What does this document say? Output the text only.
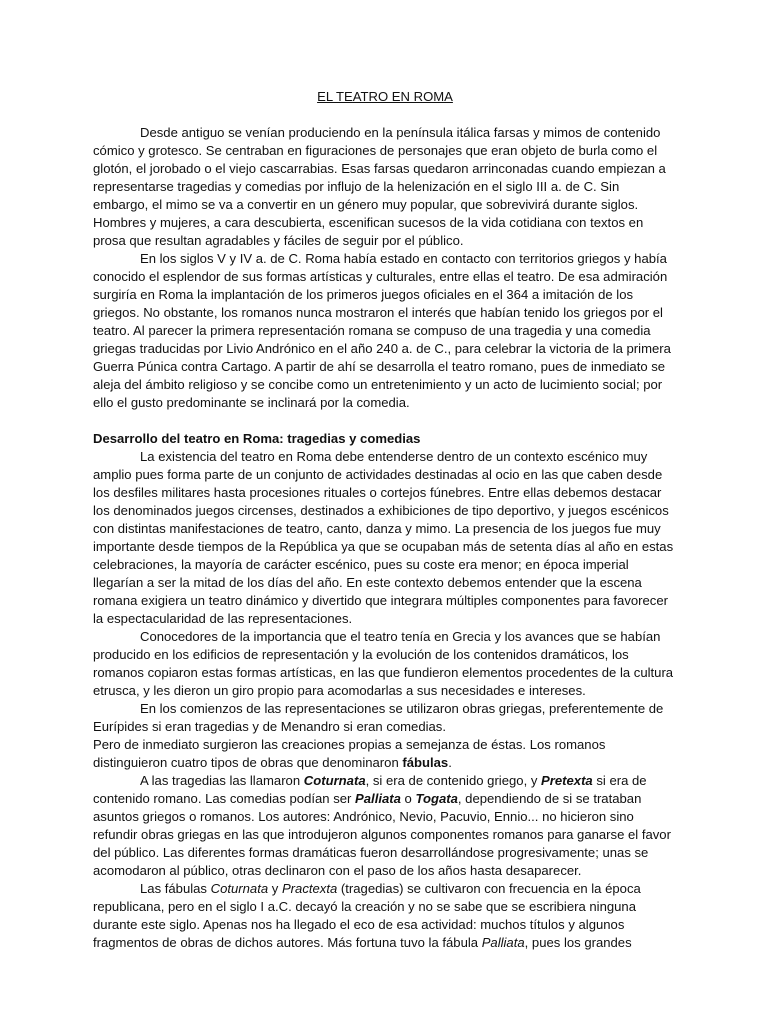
EL TEATRO EN ROMA

Desde antiguo se venían produciendo en la península itálica farsas y mimos de contenido cómico y grotesco. Se centraban en figuraciones de personajes que eran objeto de burla como el glotón, el jorobado o el viejo cascarrabias. Esas farsas quedaron arrinconadas cuando empiezan a representarse tragedias y comedias por influjo de la helenización en el siglo III a. de C. Sin embargo, el mimo se va a convertir en un género muy popular, que sobrevivirá durante siglos. Hombres y mujeres, a cara descubierta, escenifican sucesos de la vida cotidiana con textos en prosa que resultan agradables y fáciles de seguir por el público.

En los siglos V y IV a. de C. Roma había estado en contacto con territorios griegos y había conocido el esplendor de sus formas artísticas y culturales, entre ellas el teatro. De esa admiración surgiría en Roma la implantación de los primeros juegos oficiales en el 364 a imitación de los griegos. No obstante, los romanos nunca mostraron el interés que habían tenido los griegos por el teatro. Al parecer la primera representación romana se compuso de una tragedia y una comedia griegas traducidas por Livio Andrónico en el año 240 a. de C., para celebrar la victoria de la primera Guerra Púnica contra Cartago. A partir de ahí se desarrolla el teatro romano, pues de inmediato se aleja del ámbito religioso y se concibe como un entretenimiento y un acto de lucimiento social; por ello el gusto predominante se inclinará por la comedia.

Desarrollo del teatro en Roma: tragedias y comedias

La existencia del teatro en Roma debe entenderse dentro de un contexto escénico muy amplio pues forma parte de un conjunto de actividades destinadas al ocio en las que caben desde los desfiles militares hasta procesiones rituales o cortejos fúnebres. Entre ellas debemos destacar los denominados juegos circenses, destinados a exhibiciones de tipo deportivo, y juegos escénicos con distintas manifestaciones de teatro, canto, danza y mimo. La presencia de los juegos fue muy importante desde tiempos de la República ya que se ocupaban más de setenta días al año en estas celebraciones, la mayoría de carácter escénico, pues su coste era menor; en época imperial llegarían a ser la mitad de los días del año. En este contexto debemos entender que la escena romana exigiera un teatro dinámico y divertido que integrara múltiples componentes para favorecer la espectacularidad de las representaciones.

Conocedores de la importancia que el teatro tenía en Grecia y los avances que se habían producido en los edificios de representación y la evolución de los contenidos dramáticos, los romanos copiaron estas formas artísticas, en las que fundieron elementos procedentes de la cultura etrusca, y les dieron un giro propio para acomodarlas a sus necesidades e intereses.

En los comienzos de las representaciones se utilizaron obras griegas, preferentemente de Eurípides si eran tragedias y de Menandro si eran comedias.

Pero de inmediato surgieron las creaciones propias a semejanza de éstas. Los romanos distinguieron cuatro tipos de obras que denominaron fábulas.

A las tragedias las llamaron Coturnata, si era de contenido griego, y Pretexta si era de contenido romano. Las comedias podían ser Palliata o Togata, dependiendo de si se trataban asuntos griegos o romanos. Los autores: Andrónico, Nevio, Pacuvio, Ennio... no hicieron sino refundir obras griegas en las que introdujeron algunos componentes romanos para ganarse el favor del público. Las diferentes formas dramáticas fueron desarrollándose progresivamente; unas se acomodaron al público, otras declinaron con el paso de los años hasta desaparecer.

Las fábulas Coturnata y Practexta (tragedias) se cultivaron con frecuencia en la época republicana, pero en el siglo I a.C. decayó la creación y no se sabe que se escribiera ninguna durante este siglo. Apenas nos ha llegado el eco de esa actividad: muchos títulos y algunos fragmentos de obras de dichos autores. Más fortuna tuvo la fábula Palliata, pues los grandes
